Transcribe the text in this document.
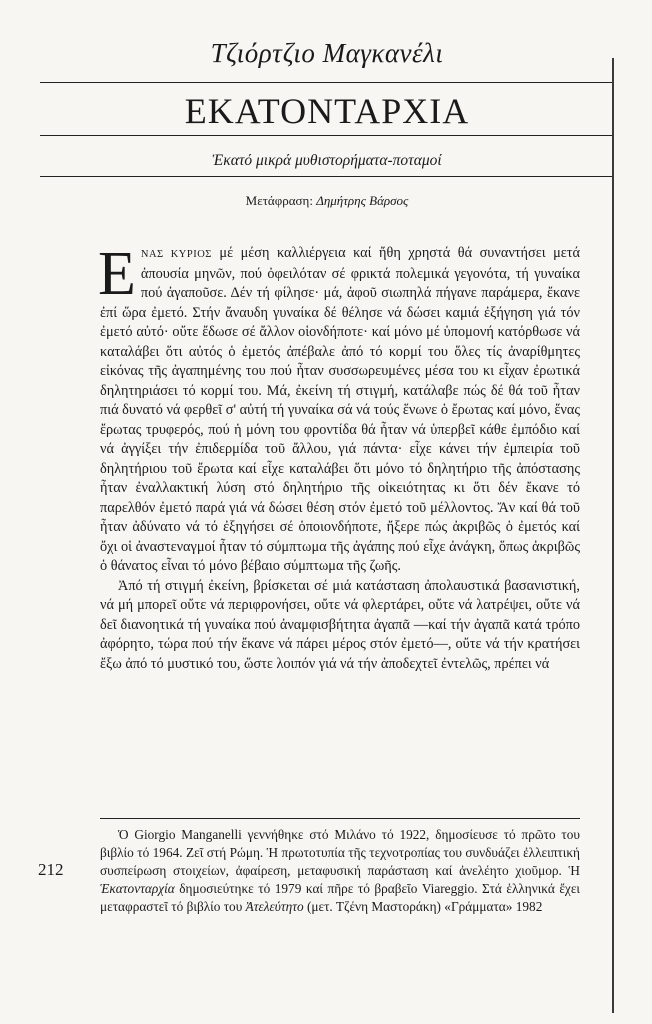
Τζιόρτζιο Μαγκανέλι
ΕΚΑΤΟΝΤΑΡΧΙΑ
Ἑκατό μικρά μυθιστορήματα-ποταμοί
Μετάφραση: Δημήτρης Βάρσος

ΕΝΑΣ ΚΥΡΙΟΣ μέ μέση καλλιέργεια καί ἤθη χρηστά θά συναντήσει μετά ἀπουσία μηνῶν, πού ὀφειλόταν σέ φρικτά πολεμικά γεγονότα, τή γυναίκα πού ἀγαποῦσε. Δέν τή φίλησε· μά, ἀφοῦ σιωπηλά πήγανε παράμερα, ἔκανε ἐπί ὥρα ἐμετό. Στήν ἄναυδη γυναίκα δέ θέλησε νά δώσει καμιά ἐξήγηση γιά τόν ἐμετό αὐτό· οὔτε ἔδωσε σέ ἄλλον οἱονδήποτε· καί μόνο μέ ὑπομονή κατόρθωσε νά καταλάβει ὅτι αὐτός ὁ ἐμετός ἀπέβαλε ἀπό τό κορμί του ὅλες τίς ἀναρίθμητες εἰκόνας τῆς ἀγαπημένης του πού ἦταν συσσωρευμένες μέσα του κι εἶχαν ἐρωτικά δηλητηριάσει τό κορμί του. Μά, ἐκείνη τή στιγμή, κατάλαβε πώς δέ θά τοῦ ἦταν πιά δυνατό νά φερθεῖ σ' αὐτή τή γυναίκα σά νά τούς ἕνωνε ὁ ἔρωτας καί μόνο, ἕνας ἔρωτας τρυφερός, πού ἡ μόνη του φροντίδα θά ἦταν νά ὑπερβεῖ κάθε ἐμπόδιο καί νά ἀγγίξει τήν ἐπιδερμίδα τοῦ ἄλλου, γιά πάντα· εἶχε κάνει τήν ἐμπειρία τοῦ δηλητήριου τοῦ ἔρωτα καί εἶχε καταλάβει ὅτι μόνο τό δηλητήριο τῆς ἀπόστασης ἦταν ἐναλλακτική λύση στό δηλητήριο τῆς οἰκειότητας κι ὅτι δέν ἔκανε τό παρελθόν ἐμετό παρά γιά νά δώσει θέση στόν ἐμετό τοῦ μέλλοντος. Ἄν καί θά τοῦ ἦταν ἀδύνατο νά τό ἐξηγήσει σέ ὁποιονδήποτε, ἤξερε πώς ἀκριβῶς ὁ ἐμετός καί ὄχι οἱ ἀναστεναγμοί ἦταν τό σύμπτωμα τῆς ἀγάπης πού εἶχε ἀνάγκη, ὅπως ἀκριβῶς ὁ θάνατος εἶναι τό μόνο βέβαιο σύμπτωμα τῆς ζωῆς.

Ἀπό τή στιγμή ἐκείνη, βρίσκεται σέ μιά κατάσταση ἀπολαυστικά βασανιστική, νά μή μπορεῖ οὔτε νά περιφρονήσει, οὔτε νά φλερτάρει, οὔτε νά λατρέψει, οὔτε νά δεῖ διανοητικά τή γυναίκα πού ἀναμφισβήτητα ἀγαπᾶ —καί τήν ἀγαπᾶ κατά τρόπο ἀφόρητο, τώρα πού τήν ἔκανε νά πάρει μέρος στόν ἐμετό—, οὔτε νά τήν κρατήσει ἔξω ἀπό τό μυστικό του, ὥστε λοιπόν γιά νά τήν ἀποδεχτεῖ ἐντελῶς, πρέπει νά

Ὁ Giorgio Manganelli γεννήθηκε στό Μιλάνο τό 1922, δημοσίευσε τό πρῶτο του βιβλίο τό 1964. Ζεῖ στή Ρώμη. Ἡ πρωτοτυπία τῆς τεχνοτροπίας του συνδυάζει ἐλλειπτική συσπείρωση στοιχείων, ἀφαίρεση, μεταφυσική παράσταση καί ἀνελέητο χιοῦμορ. Ἡ Ἑκατονταρχία δημοσιεύτηκε τό 1979 καί πῆρε τό βραβεῖο Viareggio. Στά ἑλληνικά ἔχει μεταφραστεῖ τό βιβλίο του Ἀτελεύτητο (μετ. Τζένη Μαστοράκη) «Γράμματα» 1982

212
